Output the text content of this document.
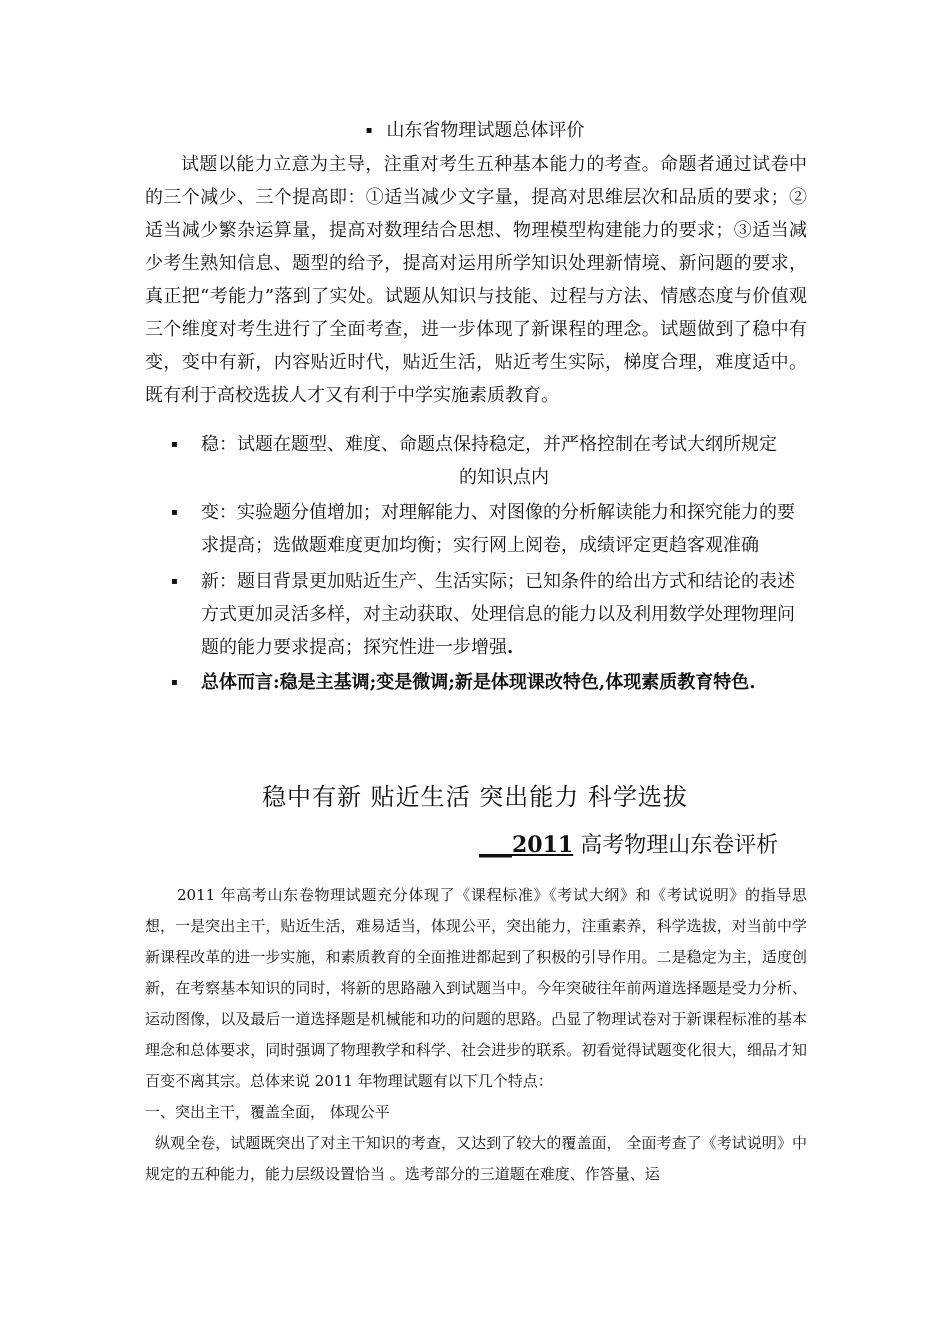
▪ 山东省物理试题总体评价

试题以能力立意为主导，注重对考生五种基本能力的考查。命题者通过试卷中的三个减少、三个提高即：①适当减少文字量，提高对思维层次和品质的要求；②适当减少繁杂运算量，提高对数理结合思想、物理模型构建能力的要求；③适当减少考生熟知信息、题型的给予，提高对运用所学知识处理新情境、新问题的要求，真正把“考能力”落到了实处。试题从知识与技能、过程与方法、情感态度与价值观三个维度对考生进行了全面考查，进一步体现了新课程的理念。试题做到了稳中有变，变中有新，内容贴近时代，贴近生活，贴近考生实际，梯度合理，难度适中。既有利于高校选拔人才又有利于中学实施素质教育。

▪ 稳：试题在题型、难度、命题点保持稳定，并严格控制在考试大纲所规定
的知识点内
▪ 变：实验题分值增加；对理解能力、对图像的分析解读能力和探究能力的要求提高；选做题难度更加均衡；实行网上阅卷，成绩评定更趋客观准确
▪ 新：题目背景更加贴近生产、生活实际；已知条件的给出方式和结论的表述方式更加灵活多样，对主动获取、处理信息的能力以及利用数学处理物理问题的能力要求提高；探究性进一步增强.
▪ 总体而言:稳是主基调;变是微调;新是体现课改特色,体现素质教育特色.
稳中有新 贴近生活 突出能力 科学选拔
___2011 高考物理山东卷评析

2011 年高考山东卷物理试题充分体现了《课程标准》《考试大纲》和《考试说明》的指导思想，一是突出主干，贴近生活，难易适当，体现公平，突出能力，注重素养，科学选拔，对当前中学新课程改革的进一步实施，和素质教育的全面推进都起到了积极的引导作用。二是稳定为主，适度创新，在考察基本知识的同时，将新的思路融入到试题当中。今年突破往年前两道选择题是受力分析、运动图像，以及最后一道选择题是机械能和功的问题的思路。凸显了物理试卷对于新课程标准的基本理念和总体要求，同时强调了物理教学和科学、社会进步的联系。初看觉得试题变化很大，细品才知百变不离其宗。总体来说 2011 年物理试题有以下几个特点：

一、突出主干，覆盖全面， 体现公平

纵观全卷，试题既突出了对主干知识的考查，又达到了较大的覆盖面， 全面考查了《考试说明》中规定的五种能力，能力层级设置恰当 。选考部分的三道题在难度、作答量、运
